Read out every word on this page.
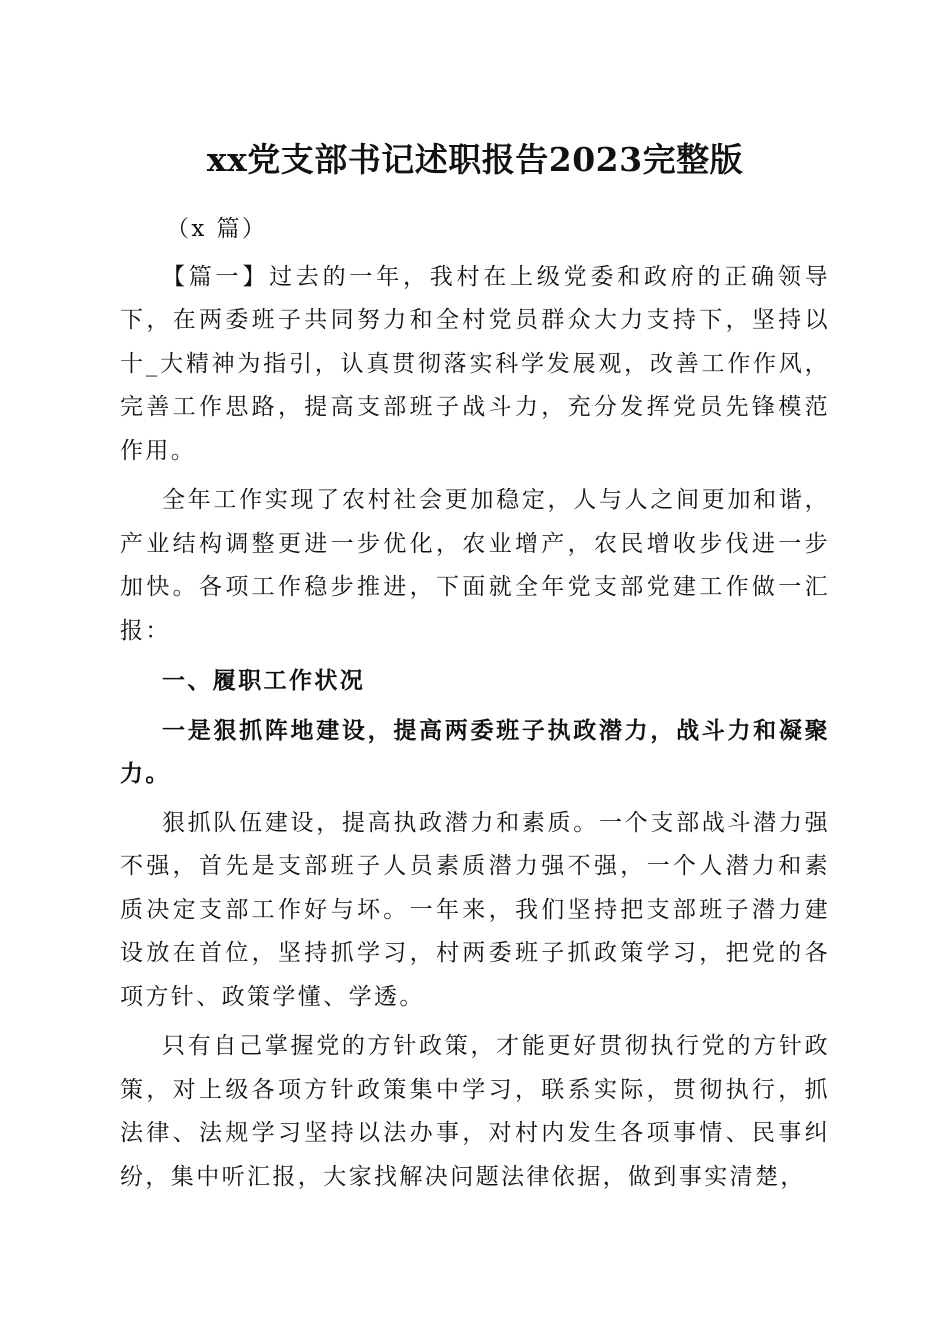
xx党支部书记述职报告2023完整版

（x 篇）

【篇一】过去的一年，我村在上级党委和政府的正确领导下，在两委班子共同努力和全村党员群众大力支持下，坚持以十_大精神为指引，认真贯彻落实科学发展观，改善工作作风，完善工作思路，提高支部班子战斗力，充分发挥党员先锋模范作用。

全年工作实现了农村社会更加稳定，人与人之间更加和谐，产业结构调整更进一步优化，农业增产，农民增收步伐进一步加快。各项工作稳步推进，下面就全年党支部党建工作做一汇报：

一、履职工作状况

一是狠抓阵地建设，提高两委班子执政潜力，战斗力和凝聚力。

狠抓队伍建设，提高执政潜力和素质。一个支部战斗潜力强不强，首先是支部班子人员素质潜力强不强，一个人潜力和素质决定支部工作好与坏。一年来，我们坚持把支部班子潜力建设放在首位，坚持抓学习，村两委班子抓政策学习，把党的各项方针、政策学懂、学透。

只有自己掌握党的方针政策，才能更好贯彻执行党的方针政策，对上级各项方针政策集中学习，联系实际，贯彻执行，抓法律、法规学习坚持以法办事，对村内发生各项事情、民事纠纷，集中听汇报，大家找解决问题法律依据，做到事实清楚，
